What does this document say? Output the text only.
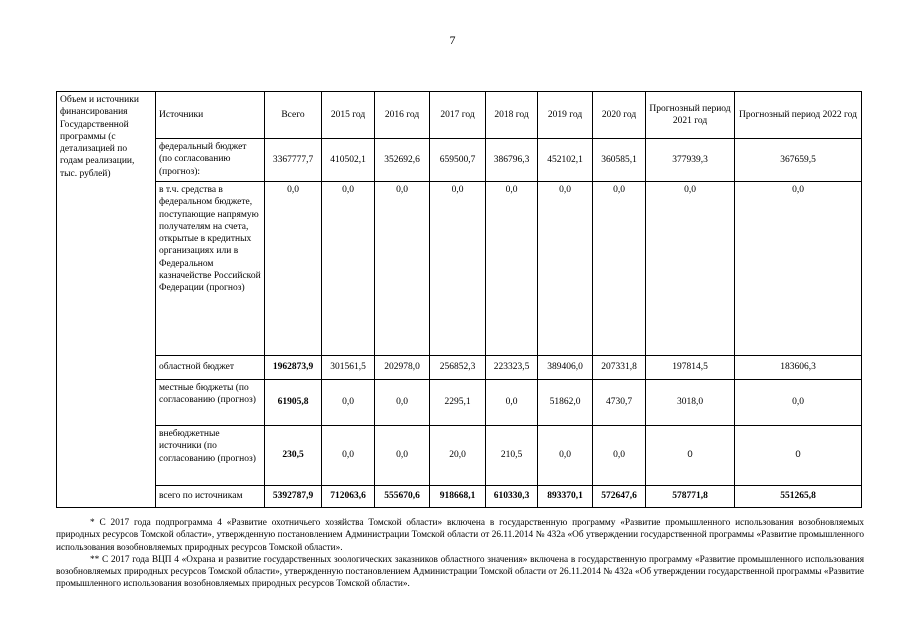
7
Объем и источники финансирования Государственной программы (с детализацией по годам реализации, тыс. рублей)	Источники	Всего	2015 год	2016 год	2017 год	2018 год	2019 год	2020 год	Прогнозный период 2021 год	Прогнозный период 2022 год
	федеральный бюджет (по согласованию (прогноз):	3367777,7	410502,1	352692,6	659500,7	386796,3	452102,1	360585,1	377939,3	367659,5
	в т.ч. средства в федеральном бюджете, поступающие напрямую получателям на счета, открытые в кредитных организациях или в Федеральном казначействе Российской Федерации (прогноз)	0,0	0,0	0,0	0,0	0,0	0,0	0,0	0,0	0,0
	областной бюджет	1962873,9	301561,5	202978,0	256852,3	223323,5	389406,0	207331,8	197814,5	183606,3
	местные бюджеты (по согласованию (прогноз)	61905,8	0,0	0,0	2295,1	0,0	51862,0	4730,7	3018,0	0,0
	внебюджетные источники (по согласованию (прогноз)	230,5	0,0	0,0	20,0	210,5	0,0	0,0	0	0
	всего по источникам	5392787,9	712063,6	555670,6	918668,1	610330,3	893370,1	572647,6	578771,8	551265,8

* С 2017 года подпрограмма 4 «Развитие охотничьего хозяйства Томской области» включена в государственную программу «Развитие промышленного использования возобновляемых природных ресурсов Томской области», утвержденную постановлением Администрации Томской области от 26.11.2014 № 432а «Об утверждении государственной программы «Развитие промышленного использования возобновляемых природных ресурсов Томской области».

** С 2017 года ВЦП 4 «Охрана и развитие государственных зоологических заказников областного значения» включена в государственную программу «Развитие промышленного использования возобновляемых природных ресурсов Томской области», утвержденную постановлением Администрации Томской области от 26.11.2014 № 432а «Об утверждении государственной программы «Развитие промышленного использования возобновляемых природных ресурсов Томской области».
